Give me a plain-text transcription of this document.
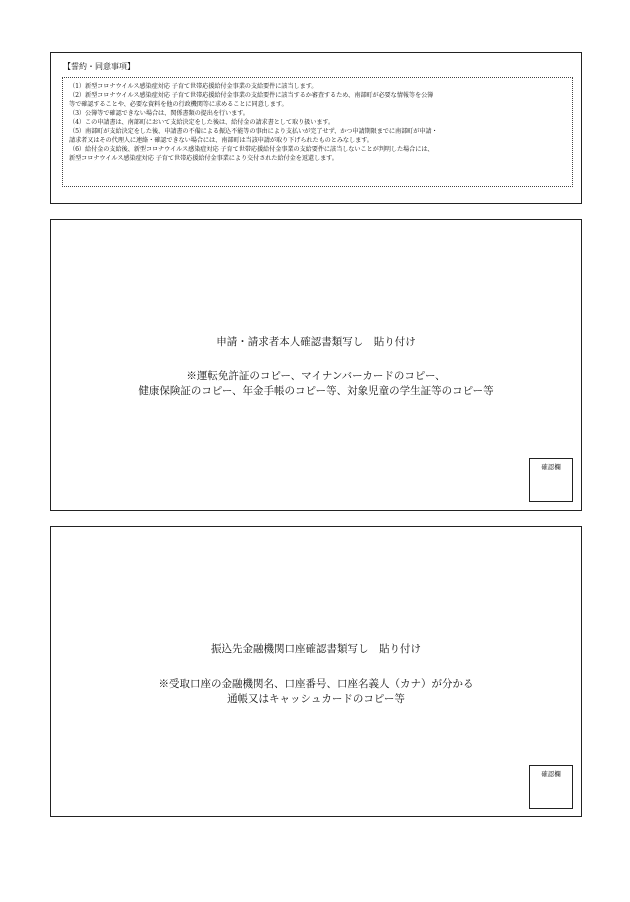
【誓約・同意事項】
（1）新型コロナウイルス感染症対応 子育て世帯応援給付金事業の支給要件に該当します。
（2）新型コロナウイルス感染症対応 子育て世帯応援給付金事業の支給要件に該当するか審査するため、南部町が必要な情報等を公簿
等で確認することや、必要な資料を他の行政機関等に求めることに同意します。
（3）公簿等で確認できない場合は、関係書類の提出を行います。
（4）この申請書は、南部町において支給決定をした後は、給付金の請求書として取り扱います。
（5）南部町が支給決定をした後、申請書の不備による振込不能等の事由により支払いが完了せず、かつ申請期限までに南部町が申請・
請求者又はその代理人に連絡・確認できない場合には、南部町は当該申請が取り下げられたものとみなします。
（6）給付金の支給後、新型コロナウイルス感染症対応 子育て世帯応援給付金事業の支給要件に該当しないことが判明した場合には、
新型コロナウイルス感染症対応 子育て世帯応援給付金事業により交付された給付金を返還します。
申請・請求者本人確認書類写し　貼り付け
※運転免許証のコピー、マイナンバーカードのコピー、
健康保険証のコピー、年金手帳のコピー等、対象児童の学生証等のコピー等
確認欄
振込先金融機関口座確認書類写し　貼り付け
※受取口座の金融機関名、口座番号、口座名義人（カナ）が分かる
通帳又はキャッシュカードのコピー等
確認欄
